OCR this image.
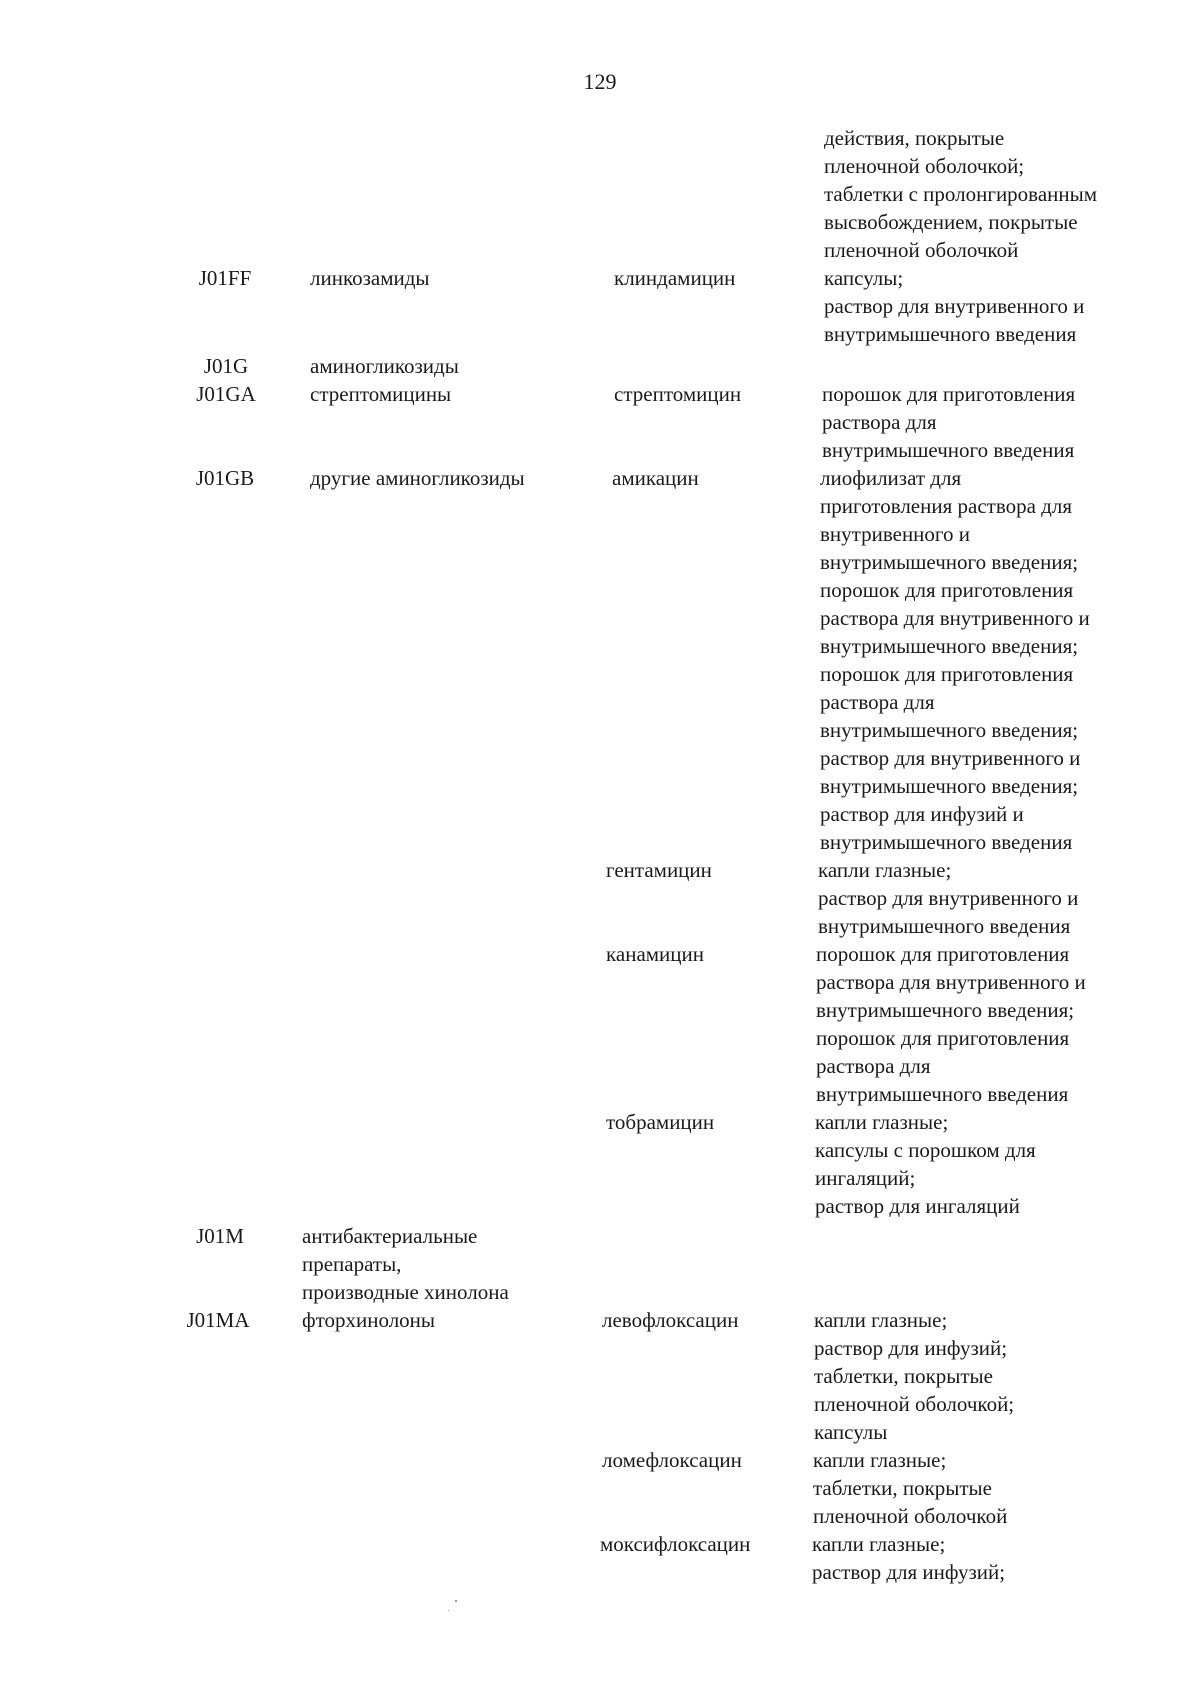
129
действия, покрытые
пленочной оболочкой;
таблетки с пролонгированным
высвобождением, покрытые
пленочной оболочкой
J01FF	линкозамиды	клиндамицин	капсулы;
раствор для внутривенного и
внутримышечного введения
J01G	аминогликозиды
J01GA	стрептомицины	стрептомицин	порошок для приготовления
раствора для
внутримышечного введения
J01GB	другие аминогликозиды	амикацин	лиофилизат для
приготовления раствора для
внутривенного и
внутримышечного введения;
порошок для приготовления
раствора для внутривенного и
внутримышечного введения;
порошок для приготовления
раствора для
внутримышечного введения;
раствор для внутривенного и
внутримышечного введения;
раствор для инфузий и
внутримышечного введения
гентамицин	капли глазные;
раствор для внутривенного и
внутримышечного введения
канамицин	порошок для приготовления
раствора для внутривенного и
внутримышечного введения;
порошок для приготовления
раствора для
внутримышечного введения
тобрамицин	капли глазные;
капсулы с порошком для
ингаляций;
раствор для ингаляций
J01M	антибактериальные
препараты,
производные хинолона
J01MA	фторхинолоны	левофлоксацин	капли глазные;
раствор для инфузий;
таблетки, покрытые
пленочной оболочкой;
капсулы
ломефлоксацин	капли глазные;
таблетки, покрытые
пленочной оболочкой
моксифлоксацин	капли глазные;
раствор для инфузий;
